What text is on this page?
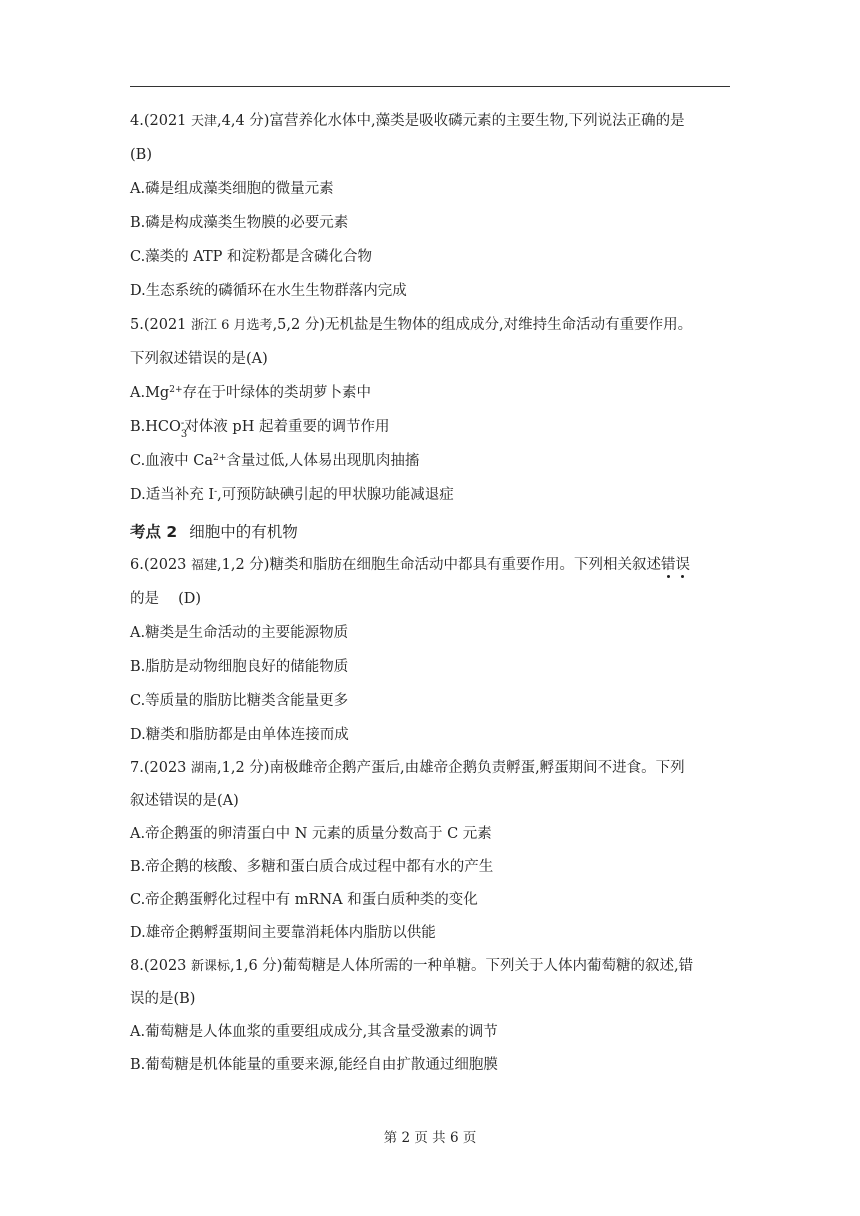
4.(2021 天津,4,4 分)富营养化水体中,藻类是吸收磷元素的主要生物,下列说法正确的是
(B)
A.磷是组成藻类细胞的微量元素
B.磷是构成藻类生物膜的必要元素
C.藻类的 ATP 和淀粉都是含磷化合物
D.生态系统的磷循环在水生生物群落内完成
5.(2021 浙江 6 月选考,5,2 分)无机盐是生物体的组成成分,对维持生命活动有重要作用。
下列叙述错误的是(A)
$A.Mg^{2+}$存在于叶绿体的类胡萝卜素中
B.HCO-
3
对体液 pH 起着重要的调节作用
C.血液中 $Ca^{2+}$含量过低,人体易出现肌肉抽搐
D.适当补充 I-,可预防缺碘引起的甲状腺功能减退症
考点 2 细胞中的有机物
6.(2023 福建,1,2 分)糖类和脂肪在细胞生命活动中都具有重要作用。下列相关叙述错误
的是 　(D)
A.糖类是生命活动的主要能源物质
B.脂肪是动物细胞良好的储能物质
C.等质量的脂肪比糖类含能量更多
D.糖类和脂肪都是由单体连接而成
7.(2023 湖南,1,2 分)南极雌帝企鹅产蛋后,由雄帝企鹅负责孵蛋,孵蛋期间不进食。下列
叙述错误的是(A)
A.帝企鹅蛋的卵清蛋白中 N 元素的质量分数高于 C 元素
B.帝企鹅的核酸、多糖和蛋白质合成过程中都有水的产生
C.帝企鹅蛋孵化过程中有 mRNA 和蛋白质种类的变化
D.雄帝企鹅孵蛋期间主要靠消耗体内脂肪以供能
8.(2023 新课标,1,6 分)葡萄糖是人体所需的一种单糖。下列关于人体内葡萄糖的叙述,错
误的是(B)
A.葡萄糖是人体血浆的重要组成成分,其含量受激素的调节
B.葡萄糖是机体能量的重要来源,能经自由扩散通过细胞膜
第 2 页 共 6 页
